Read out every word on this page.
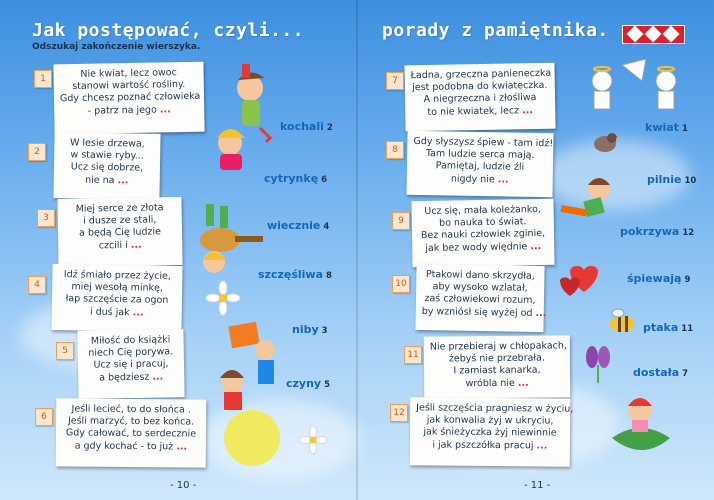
Jak postępować, czyli...
Odszukaj zakończenie wierszyka.
1	Nie kwiat, lecz owoc
stanowi wartość rośliny.
Gdy chcesz poznać człowieka
- patrz na jego ...
2
W lesie drzewa,
w stawie ryby...
Ucz się dobrze,
nie na ...
3
Miej serce ze złota
i dusze ze stali,
a będą Cię ludzie
czcili i ...
4
Idź śmiało przez życie,
miej wesołą minkę,
łap szczęście za ogon
i duś jak ...
5
Miłość do książki
niech Cię porywa.
Ucz się i pracuj,
a będziesz ...
6
Jeśli lecieć, to do słońca .
Jeśli marzyć, to bez końca.
Gdy całować, to serdecznie
a gdy kochać - to już ...
kochali 2
cytrynkę 6
wiecznie 4
szczęśliwa 8
niby 3
czyny 5
- 10 -
porady z pamiętnika.
7	Ładna, grzeczna panieneczka
jest podobna do kwiateczka.
A niegrzeczna i złośliwa
to nie kwiatek, lecz ...
8
Gdy słyszysz śpiew - tam idź!
Tam ludzie serca mają.
Pamiętaj, ludzie źli
nigdy nie ...
9
Ucz się, mała koleżanko,
bo nauka to świat.
Bez nauki człowiek zginie,
jak bez wody więdnie ...
10
Ptakowi dano skrzydła,
aby wysoko wzlatał,
zaś człowiekowi rozum,
by wzniósł się wyżej od ...
11
Nie przebieraj w chłopakach,
żebyś nie przebrała.
I zamiast kanarka,
wróbla nie ...
12	Jeśli szczęścia pragniesz w życiu,
jak konwalia żyj w ukryciu,
jak śnieżyczka żyj niewinnie
i jak pszczółka pracuj ...
kwiat 1
pilnie 10
pokrzywa 12
śpiewają 9
ptaka 11
dostała 7
- 11 -
